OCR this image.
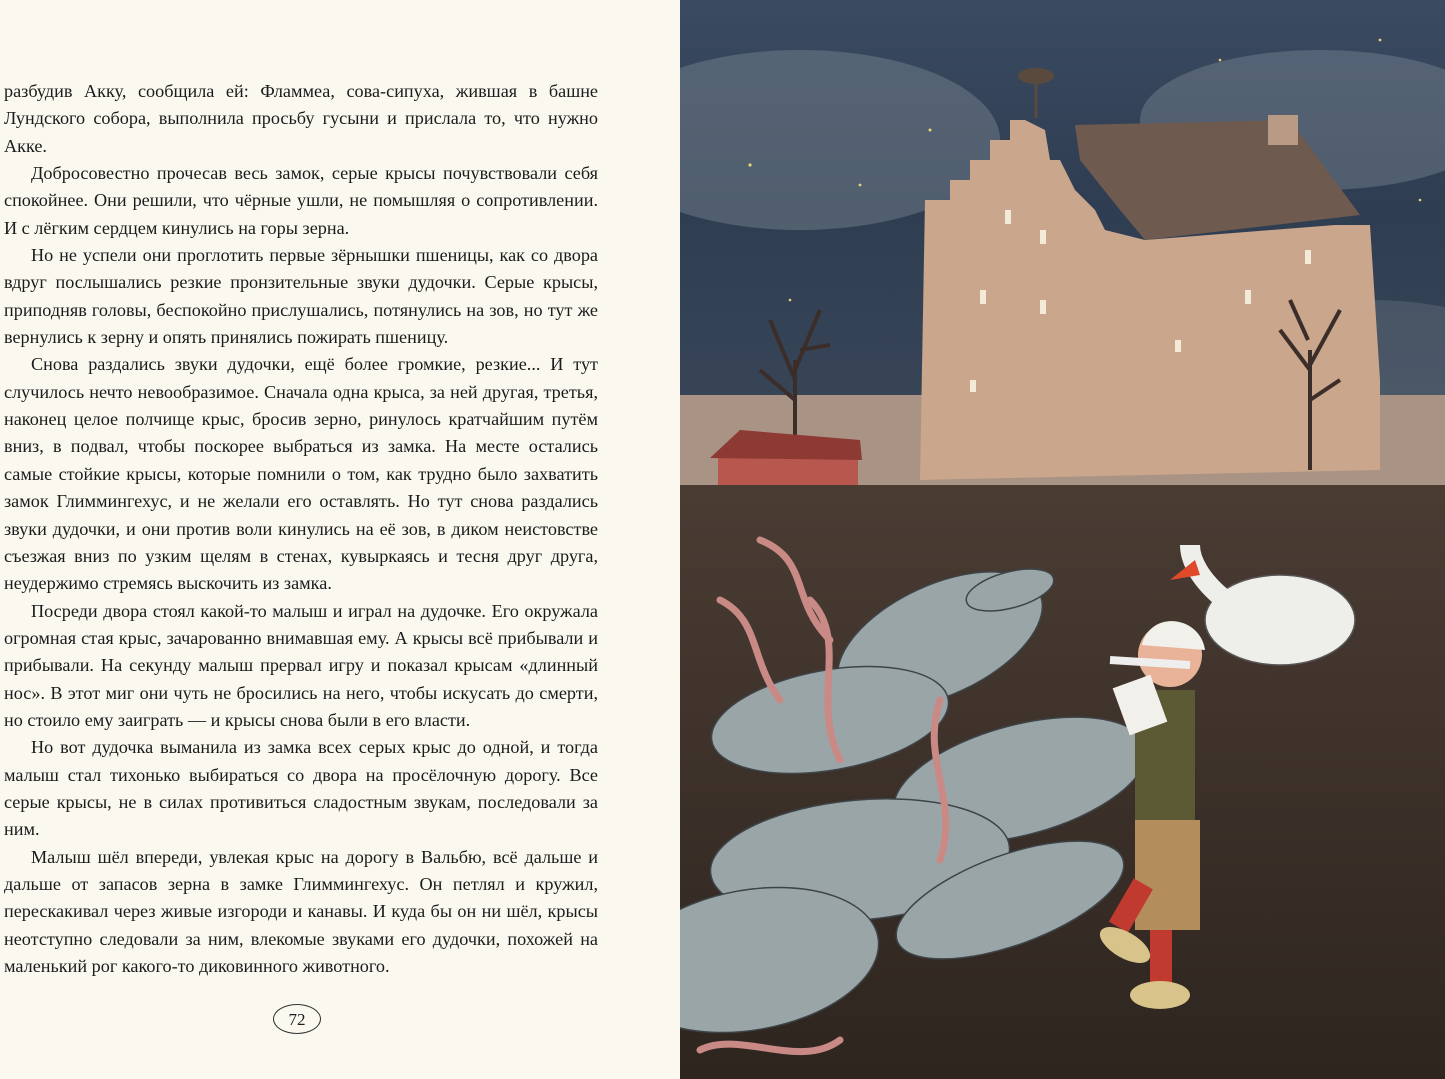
разбудив Акку, сообщила ей: Фламмеа, сова-сипуха, жившая в башне Лундского собора, выполнила просьбу гусыни и прислала то, что нужно Акке.

Добросовестно прочесав весь замок, серые крысы почувствовали себя спокойнее. Они решили, что чёрные ушли, не помышляя о сопротивлении. И с лёгким сердцем кинулись на горы зерна.

Но не успели они проглотить первые зёрнышки пшеницы, как со двора вдруг послышались резкие пронзительные звуки дудочки. Серые крысы, приподняв головы, беспокойно прислушались, потянулись на зов, но тут же вернулись к зерну и опять принялись пожирать пшеницу.

Снова раздались звуки дудочки, ещё более громкие, резкие... И тут случилось нечто невообразимое. Сначала одна крыса, за ней другая, третья, наконец целое полчище крыс, бросив зерно, ринулось кратчайшим путём вниз, в подвал, чтобы поскорее выбраться из замка. На месте остались самые стойкие крысы, которые помнили о том, как трудно было захватить замок Глиммингехус, и не желали его оставлять. Но тут снова раздались звуки дудочки, и они против воли кинулись на её зов, в диком неистовстве съезжая вниз по узким щелям в стенах, кувыркаясь и тесня друг друга, неудержимо стремясь выскочить из замка.

Посреди двора стоял какой-то малыш и играл на дудочке. Его окружала огромная стая крыс, зачарованно внимавшая ему. А крысы всё прибывали и прибывали. На секунду малыш прервал игру и показал крысам «длинный нос». В этот миг они чуть не бросились на него, чтобы искусать до смерти, но стоило ему заиграть — и крысы снова были в его власти.

Но вот дудочка выманила из замка всех серых крыс до одной, и тогда малыш стал тихонько выбираться со двора на просёлочную дорогу. Все серые крысы, не в силах противиться сладостным звукам, последовали за ним.

Малыш шёл впереди, увлекая крыс на дорогу в Вальбю, всё дальше и дальше от запасов зерна в замке Глиммингехус. Он петлял и кружил, перескакивал через живые изгороди и канавы. И куда бы он ни шёл, крысы неотступно следовали за ним, влекомые звуками его дудочки, похожей на маленький рог какого-то диковинного животного.

72
